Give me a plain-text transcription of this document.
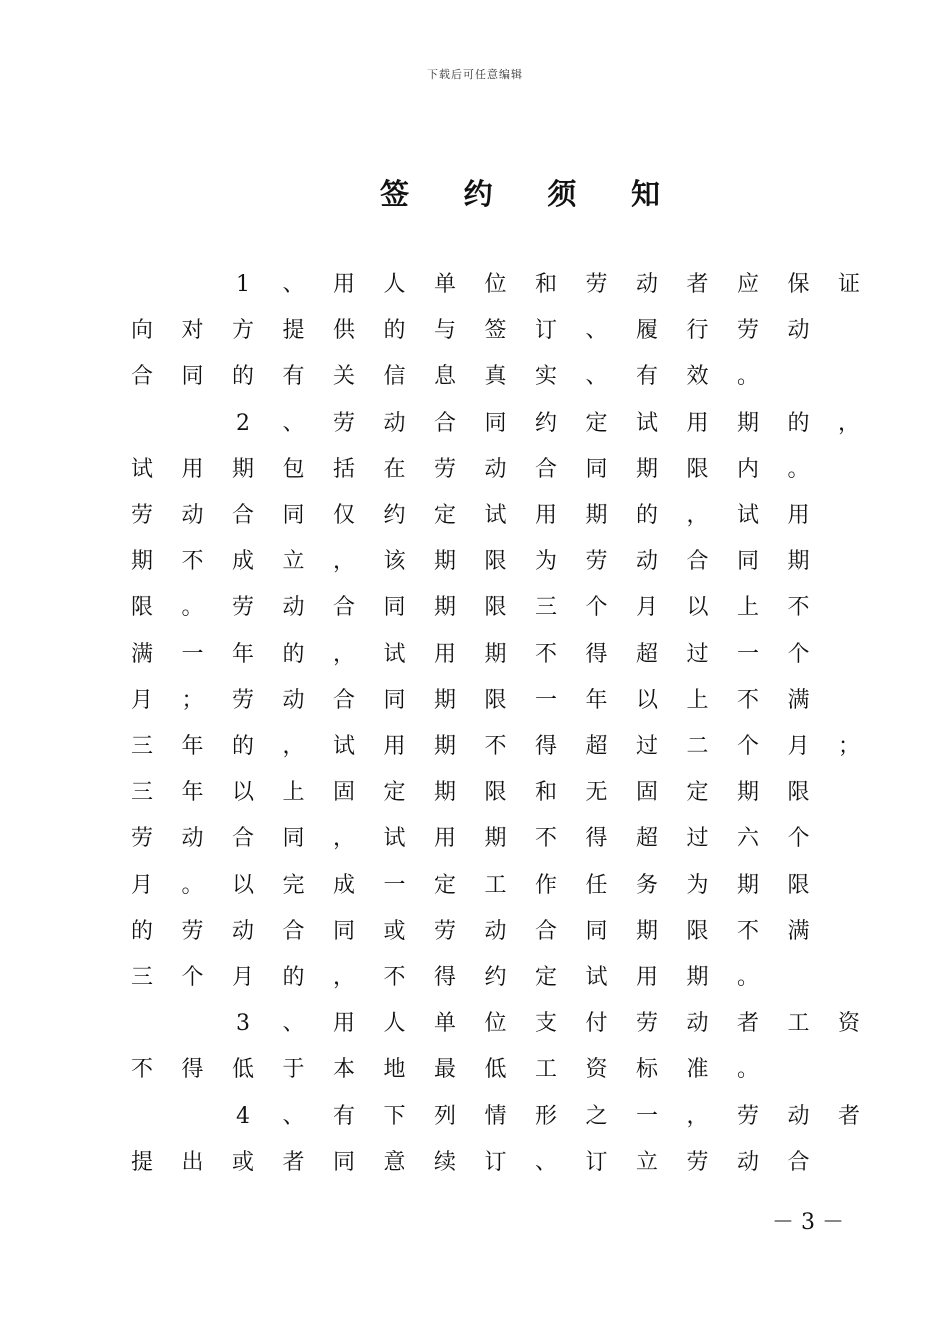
下载后可任意编辑
签 约 须 知
1	、 用 人 单 位 和 劳 动 者 应 保 证
向 对 方 提 供 的 与 签 订 、 履 行 劳 动
合 同 的 有 关 信 息 真 实 、 有 效 。
2	、 劳 动 合 同 约 定 试 用 期 的 ，
试 用 期 包 括 在 劳 动 合 同 期 限 内 。
劳 动 合 同 仅 约 定 试 用 期 的 ， 试 用
期 不 成 立 ， 该 期 限 为 劳 动 合 同 期
限 。 劳 动 合 同 期 限 三 个 月 以 上 不
满 一 年 的 ， 试 用 期 不 得 超 过 一 个
月 ； 劳 动 合 同 期 限 一 年 以 上 不 满
三 年 的 ， 试 用 期 不 得 超 过 二 个 月 ；
三 年 以 上 固 定 期 限 和 无 固 定 期 限
劳 动 合 同 ， 试 用 期 不 得 超 过 六 个
月 。 以 完 成 一 定 工 作 任 务 为 期 限
的 劳 动 合 同 或 劳 动 合 同 期 限 不 满
三 个 月 的 ， 不 得 约 定 试 用 期 。
3	、 用 人 单 位 支 付 劳 动 者 工 资
不 得 低 于 本 地 最 低 工 资 标 准 。
4	、 有 下 列 情 形 之 一 ， 劳 动 者
提 出 或 者 同 意 续 订 、 订 立 劳 动 合
－ 3 －
